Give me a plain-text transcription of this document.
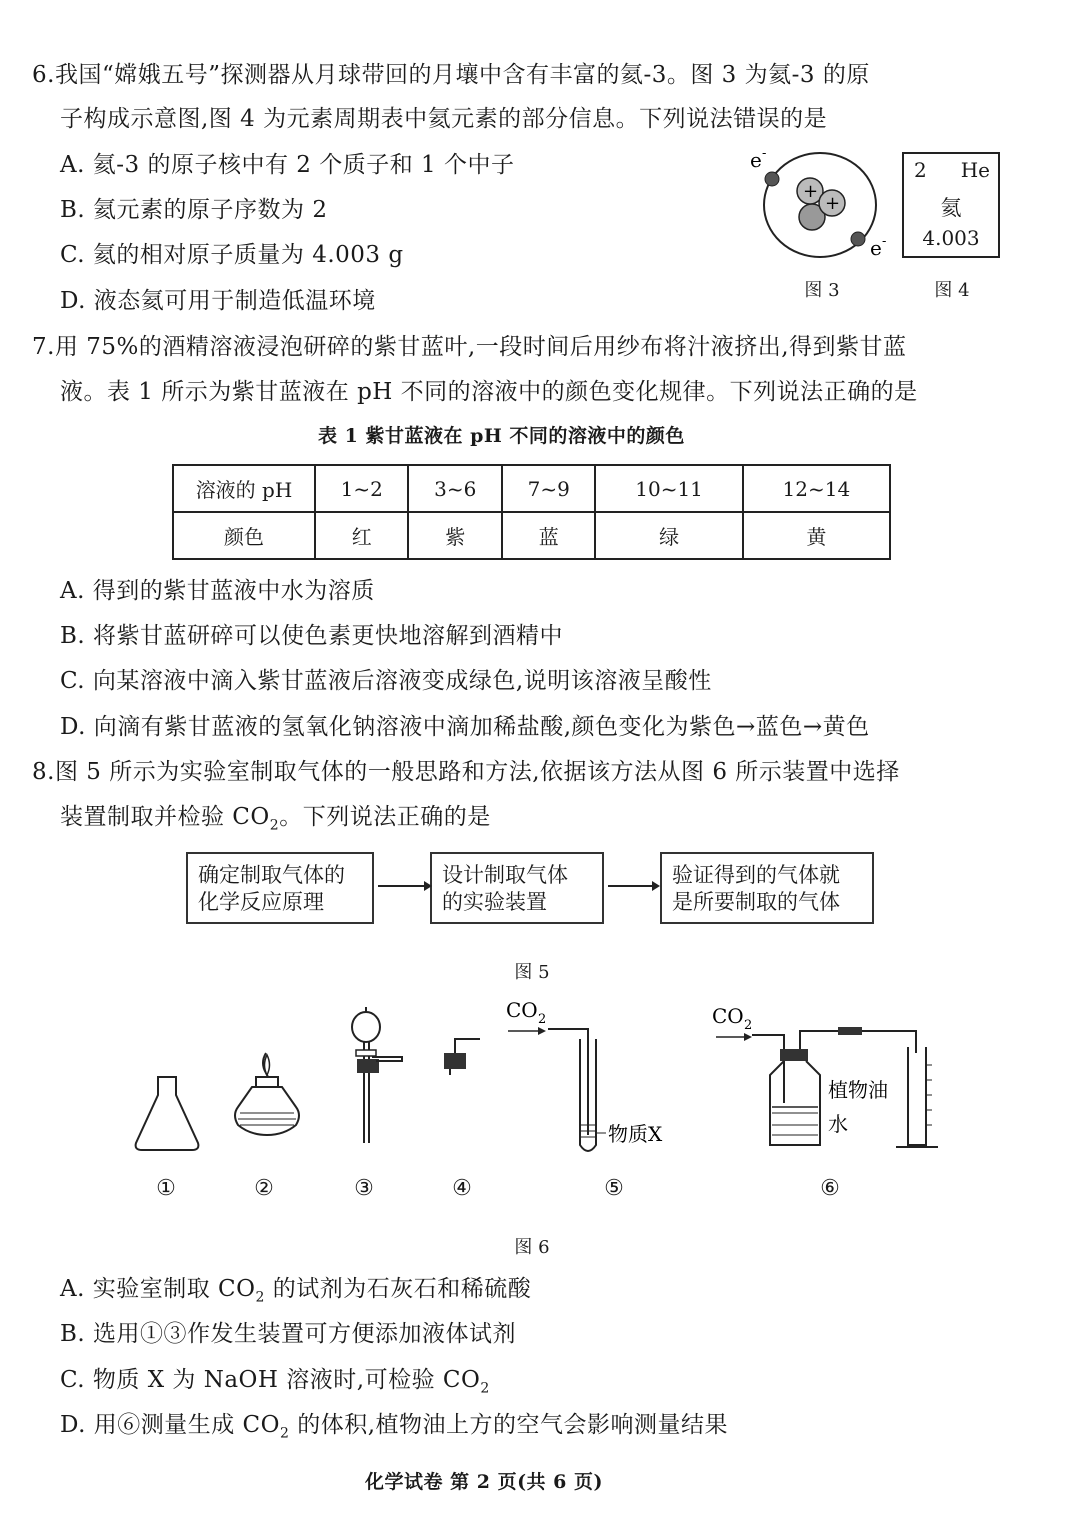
6.我国“嫦娥五号”探测器从月球带回的月壤中含有丰富的氦-3。图 3 为氦-3 的原
子构成示意图,图 4 为元素周期表中氦元素的部分信息。下列说法错误的是
A. 氦-3 的原子核中有 2 个质子和 1 个中子
B. 氦元素的原子序数为 2
C. 氦的相对原子质量为 4.003 g
D. 液态氦可用于制造低温环境
+
+
e -
e -
图 3
2 He
氦
4.003
图 4
7.用 75%的酒精溶液浸泡研碎的紫甘蓝叶,一段时间后用纱布将汁液挤出,得到紫甘蓝
液。表 1 所示为紫甘蓝液在 pH 不同的溶液中的颜色变化规律。下列说法正确的是
表 1 紫甘蓝液在 pH 不同的溶液中的颜色
溶液的 pH	1~2	3~6	7~9	10~11	12~14
颜色	红	紫	蓝	绿	黄
A. 得到的紫甘蓝液中水为溶质
B. 将紫甘蓝研碎可以使色素更快地溶解到酒精中
C. 向某溶液中滴入紫甘蓝液后溶液变成绿色,说明该溶液呈酸性
D. 向滴有紫甘蓝液的氢氧化钠溶液中滴加稀盐酸,颜色变化为紫色→蓝色→黄色
8.图 5 所示为实验室制取气体的一般思路和方法,依据该方法从图 6 所示装置中选择
装置制取并检验 $CO_2$。下列说法正确的是
确定制取气体的
化学反应原理
设计制取气体
的实验装置
验证得到的气体就
是所要制取的气体
图 5
CO 2
物质X
CO 2
植物油
水
①	②	③	④	⑤	⑥
图 6
A. 实验室制取 $CO_2$ 的试剂为石灰石和稀硫酸
B. 选用①③作发生装置可方便添加液体试剂
C. 物质 X 为 NaOH 溶液时,可检验 $CO_2$
D. 用⑥测量生成 $CO_2$ 的体积,植物油上方的空气会影响测量结果
化学试卷 第 2 页(共 6 页)
